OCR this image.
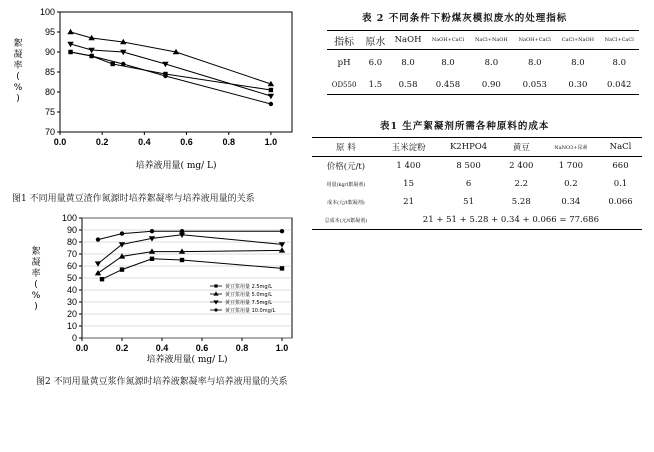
70
75
80
85
90
95
100
0.0	0.2	0.4	0.6	0.8	1.0
絮
凝
率
(
%
)
培养液用量( mg/ L)
图1 不同用量黄豆渣作氮源时培养絮凝率与培养液用量的关系
0
10
20
30
40
50
60
70
80
90
100
0.0	0.2	0.4	0.6	0.8	1.0
絮
凝
率
(
%
)
培养液用量( mg/ L)
黄豆浆用量 2.5mg/L
黄豆浆用量 5.0mg/L
黄豆浆用量 7.5mg/L
黄豆浆用量 10.0mg/L
图2 不同用量黄豆浆作氮源时培养液絮凝率与培养液用量的关系
表 2 不同条件下粉煤灰模拟废水的处理指标
指标	原水	NaOH	NaOH+CaCl	NaCl+NaOH	NaOH+CaCl	CaCl+NaOH	NaCl+CaCl
pH	6.0	8.0	8.0	8.0	8.0	8.0	8.0
OD550	1.5	0.58	0.458	0.90	0.053	0.30	0.042
表1 生产絮凝剂所需各种原料的成本
原 料	玉米淀粉	K2HPO4	黄豆	NaNO3+尿素	NaCl
价格(元/t)	1 400	8 500	2 400	1 700	660
用量(kg/t絮凝剂)	15	6	2.2	0.2	0.1
成本(元/t絮凝剂)	21	51	5.28	0.34	0.066
总成本(元/t絮凝剂)	21 + 51 + 5.28 + 0.34 + 0.066 = 77.686				
